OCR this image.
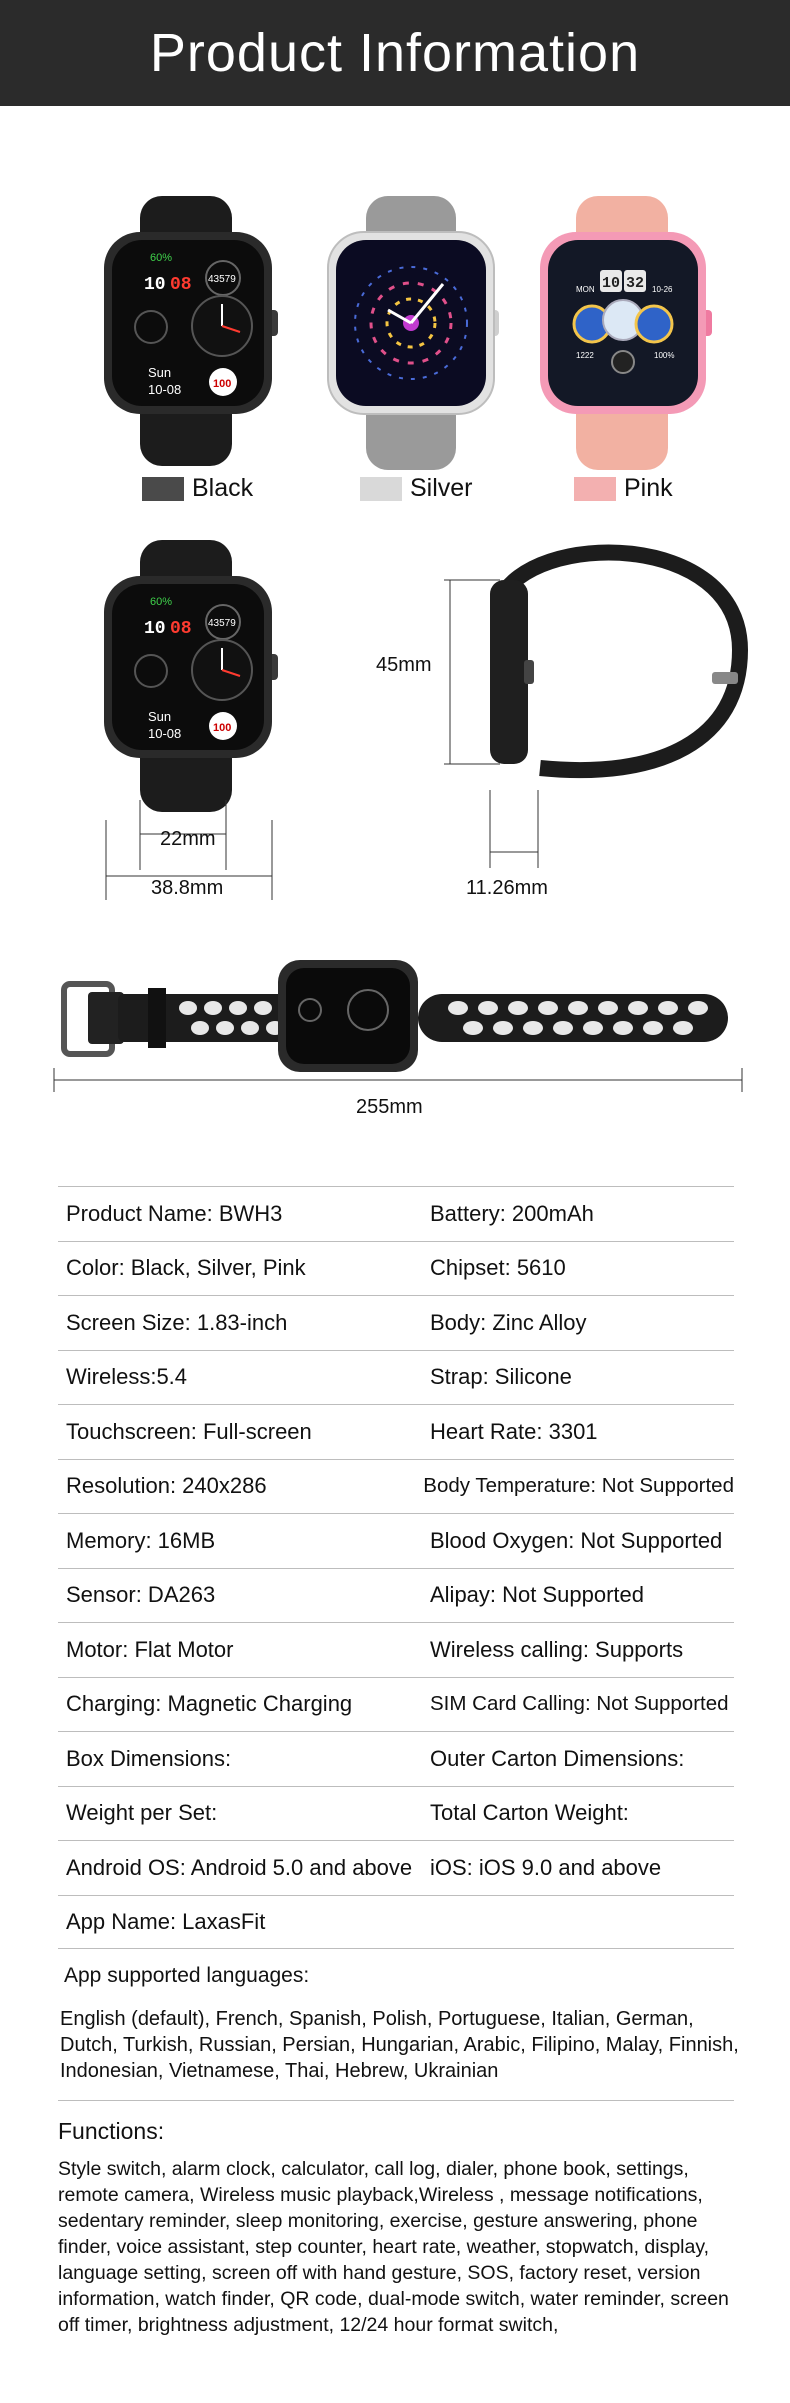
Product Information
60%
10 08 43579
Sun
10-08	100
10 32
MON	10-26
1222	100%
Black	Silver	Pink
60%
10 08 43579
Sun
10-08	100
22mm
38.8mm
45mm
11.26mm
255mm
Product Name: BWH3	Battery: 200mAh
Color: Black, Silver, Pink	Chipset: 5610
Screen Size: 1.83-inch	Body: Zinc Alloy
Wireless:5.4	Strap: Silicone
Touchscreen: Full-screen	Heart Rate: 3301
Resolution: 240x286	Body Temperature: Not Supported
Memory: 16MB	Blood Oxygen: Not Supported
Sensor: DA263	Alipay: Not Supported
Motor: Flat Motor	Wireless calling: Supports
Charging: Magnetic Charging	SIM Card Calling: Not Supported
Box Dimensions:	Outer Carton Dimensions:
Weight per Set:	Total Carton Weight:
Android OS: Android 5.0 and above iOS: iOS 9.0 and above
App Name: LaxasFit
App supported languages:
English (default), French, Spanish, Polish, Portuguese, Italian, German, Dutch, Turkish, Russian, Persian, Hungarian, Arabic, Filipino, Malay, Finnish, Indonesian, Vietnamese, Thai, Hebrew, Ukrainian
Functions:
Style switch, alarm clock, calculator, call log, dialer, phone book, settings, remote camera, Wireless music playback,Wireless , message notifications, sedentary reminder, sleep monitoring, exercise, gesture answering, phone finder, voice assistant, step counter, heart rate, weather, stopwatch, display, language setting, screen off with hand gesture, SOS, factory reset, version information, watch finder, QR code, dual-mode switch, water reminder, screen off timer, brightness adjustment, 12/24 hour format switch,
